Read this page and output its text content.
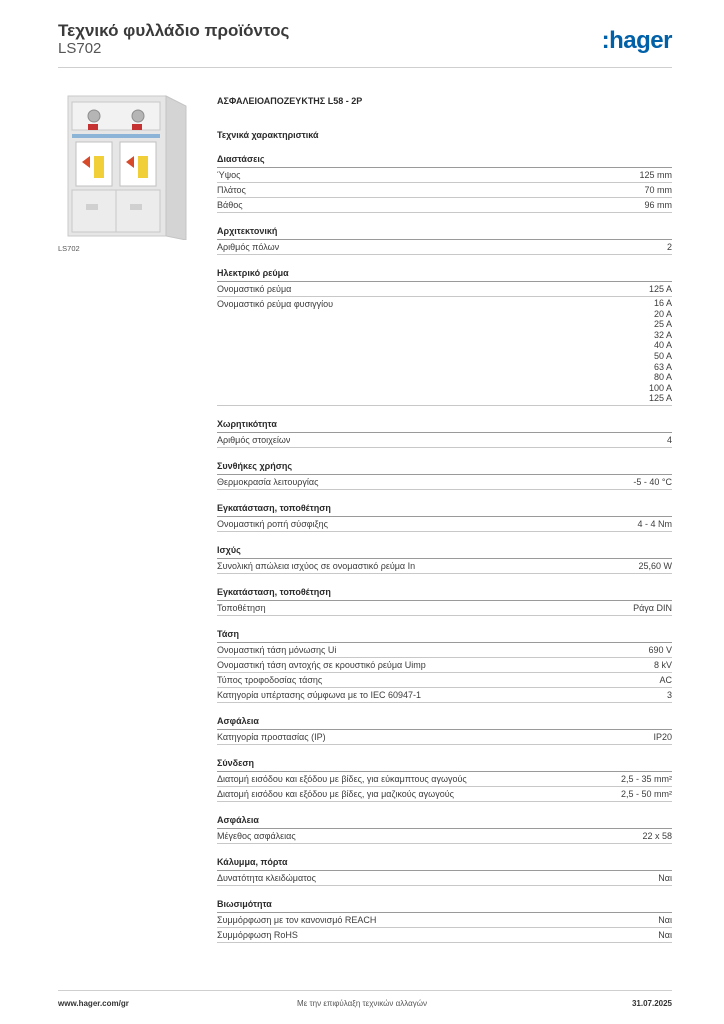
Τεχνικό φυλλάδιο προϊόντος
LS702	:hager
LS702
ΑΣΦΑΛΕΙΟΑΠΟΖΕΥΚΤΗΣ L58 - 2P
Τεχνικά χαρακτηριστικά
Διαστάσεις
Ύψος	125 mm
Πλάτος	70 mm
Βάθος	96 mm
Αρχιτεκτονική
Αριθμός πόλων	2
Ηλεκτρικό ρεύμα
Ονομαστικό ρεύμα	125 A
Ονομαστικό ρεύμα φυσιγγίου	16 A
20 A
25 A
32 A
40 A
50 A
63 A
80 A
100 A
125 A
Χωρητικότητα
Αριθμός στοιχείων	4
Συνθήκες χρήσης
Θερμοκρασία λειτουργίας	-5 - 40 °C
Εγκατάσταση, τοποθέτηση
Ονομαστική ροπή σύσφιξης	4 - 4 Nm
Ισχύς
Συνολική απώλεια ισχύος σε ονομαστικό ρεύμα In	25,60 W
Εγκατάσταση, τοποθέτηση
Τοποθέτηση	Ράγα DIN
Τάση
Ονομαστική τάση μόνωσης Ui	690 V
Ονομαστική τάση αντοχής σε κρουστικό ρεύμα Uimp	8 kV
Τύπος τροφοδοσίας τάσης	AC
Κατηγορία υπέρτασης σύμφωνα με το IEC 60947-1	3
Ασφάλεια
Κατηγορία προστασίας (IP)	IP20
Σύνδεση
Διατομή εισόδου και εξόδου με βίδες, για εύκαμπτους αγωγούς	2,5 - 35 mm²
Διατομή εισόδου και εξόδου με βίδες, για μαζικούς αγωγούς	2,5 - 50 mm²
Ασφάλεια
Μέγεθος ασφάλειας	22 x 58
Κάλυμμα, πόρτα
Δυνατότητα κλειδώματος	Ναι
Βιωσιμότητα
Συμμόρφωση με τον κανονισμό REACH	Ναι
Συμμόρφωση RoHS	Ναι
www.hager.com/gr	Με την επιφύλαξη τεχνικών αλλαγών	31.07.2025
